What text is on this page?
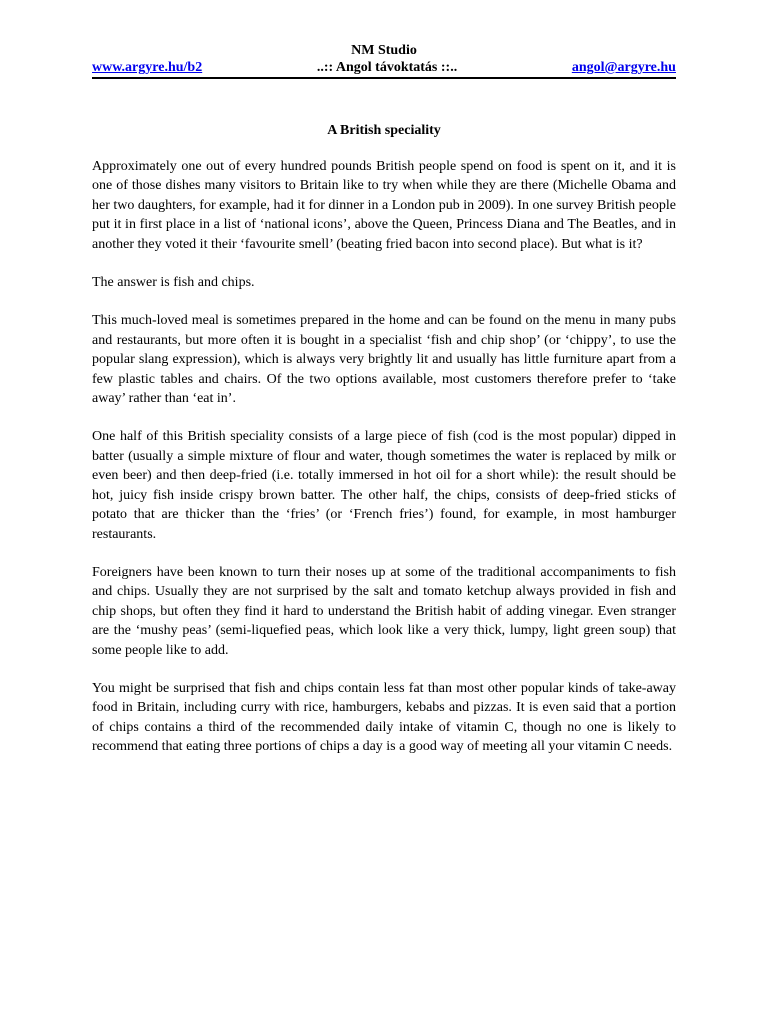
NM Studio
www.argyre.hu/b2	..:: Angol távoktatás ::..	angol@argyre.hu
A British speciality

Approximately one out of every hundred pounds British people spend on food is spent on it, and it is one of those dishes many visitors to Britain like to try when while they are there (Michelle Obama and her two daughters, for example, had it for dinner in a London pub in 2009). In one survey British people put it in first place in a list of ‘national icons’, above the Queen, Princess Diana and The Beatles, and in another they voted it their ‘favourite smell’ (beating fried bacon into second place). But what is it?

The answer is fish and chips.

This much-loved meal is sometimes prepared in the home and can be found on the menu in many pubs and restaurants, but more often it is bought in a specialist ‘fish and chip shop’ (or ‘chippy’, to use the popular slang expression), which is always very brightly lit and usually has little furniture apart from a few plastic tables and chairs. Of the two options available, most customers therefore prefer to ‘take away’ rather than ‘eat in’.

One half of this British speciality consists of a large piece of fish (cod is the most popular) dipped in batter (usually a simple mixture of flour and water, though sometimes the water is replaced by milk or even beer) and then deep-fried (i.e. totally immersed in hot oil for a short while): the result should be hot, juicy fish inside crispy brown batter. The other half, the chips, consists of deep-fried sticks of potato that are thicker than the ‘fries’ (or ‘French fries’) found, for example, in most hamburger restaurants.

Foreigners have been known to turn their noses up at some of the traditional accompaniments to fish and chips. Usually they are not surprised by the salt and tomato ketchup always provided in fish and chip shops, but often they find it hard to understand the British habit of adding vinegar. Even stranger are the ‘mushy peas’ (semi-liquefied peas, which look like a very thick, lumpy, light green soup) that some people like to add.

You might be surprised that fish and chips contain less fat than most other popular kinds of take-away food in Britain, including curry with rice, hamburgers, kebabs and pizzas. It is even said that a portion of chips contains a third of the recommended daily intake of vitamin C, though no one is likely to recommend that eating three portions of chips a day is a good way of meeting all your vitamin C needs.
